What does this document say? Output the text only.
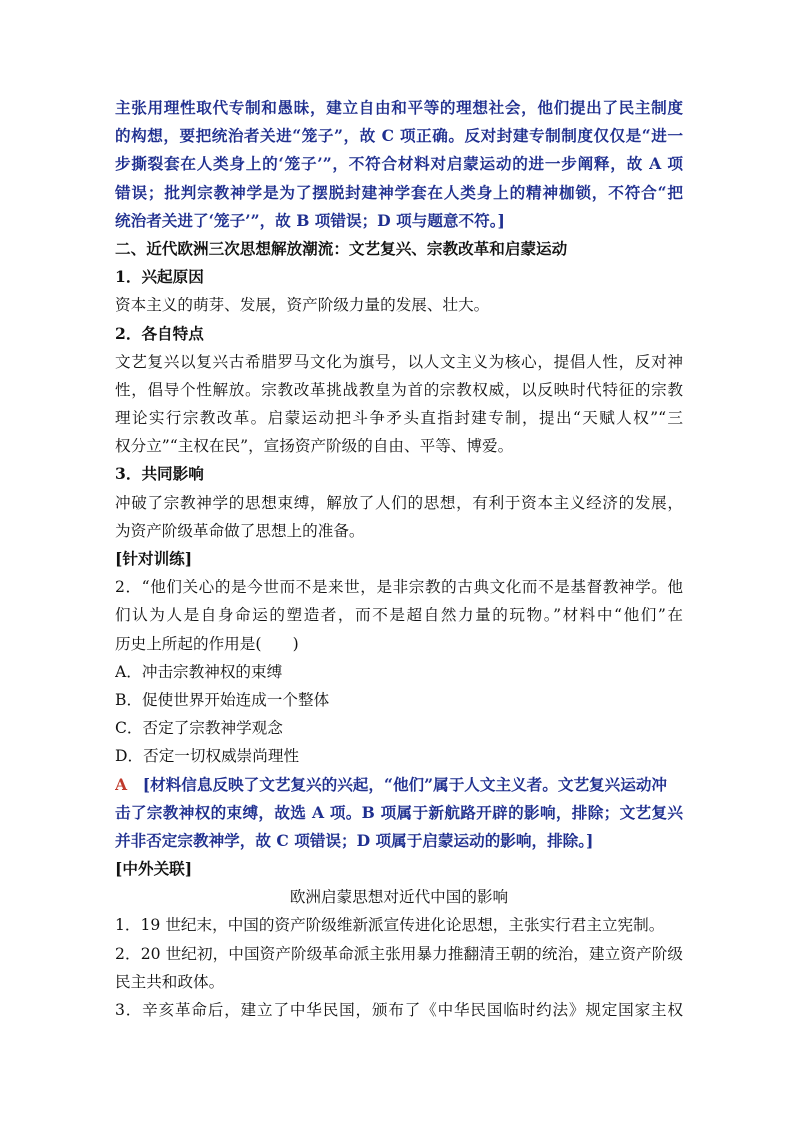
主张用理性取代专制和愚昧，建立自由和平等的理想社会，他们提出了民主制度
的构想，要把统治者关进“笼子”，故 C 项正确。反对封建专制制度仅仅是“进一
步撕裂套在人类身上的‘笼子’”，不符合材料对启蒙运动的进一步阐释，故 A 项
错误；批判宗教神学是为了摆脱封建神学套在人类身上的精神枷锁，不符合“把
统治者关进了‘笼子’”，故 B 项错误；D 项与题意不符。]
二、近代欧洲三次思想解放潮流：文艺复兴、宗教改革和启蒙运动
1．兴起原因
资本主义的萌芽、发展，资产阶级力量的发展、壮大。
2．各自特点
文艺复兴以复兴古希腊罗马文化为旗号，以人文主义为核心，提倡人性，反对神
性，倡导个性解放。宗教改革挑战教皇为首的宗教权威，以反映时代特征的宗教
理论实行宗教改革。启蒙运动把斗争矛头直指封建专制，提出“天赋人权”“三
权分立”“主权在民”，宣扬资产阶级的自由、平等、博爱。
3．共同影响
冲破了宗教神学的思想束缚，解放了人们的思想，有利于资本主义经济的发展，
为资产阶级革命做了思想上的准备。
[针对训练]
2．“他们关心的是今世而不是来世，是非宗教的古典文化而不是基督教神学。他
们认为人是自身命运的塑造者，而不是超自然力量的玩物。”材料中“他们”在
历史上所起的作用是(　　)
A．冲击宗教神权的束缚
B．促使世界开始连成一个整体
C．否定了宗教神学观念
D．否定一切权威崇尚理性
A　[材料信息反映了文艺复兴的兴起，“他们”属于人文主义者。文艺复兴运动冲
击了宗教神权的束缚，故选 A 项。B 项属于新航路开辟的影响，排除；文艺复兴
并非否定宗教神学，故 C 项错误；D 项属于启蒙运动的影响，排除。]
[中外关联]
欧洲启蒙思想对近代中国的影响
1．19 世纪末，中国的资产阶级维新派宣传进化论思想，主张实行君主立宪制。
2．20 世纪初，中国资产阶级革命派主张用暴力推翻清王朝的统治，建立资产阶级
民主共和政体。
3．辛亥革命后，建立了中华民国，颁布了《中华民国临时约法》规定国家主权
